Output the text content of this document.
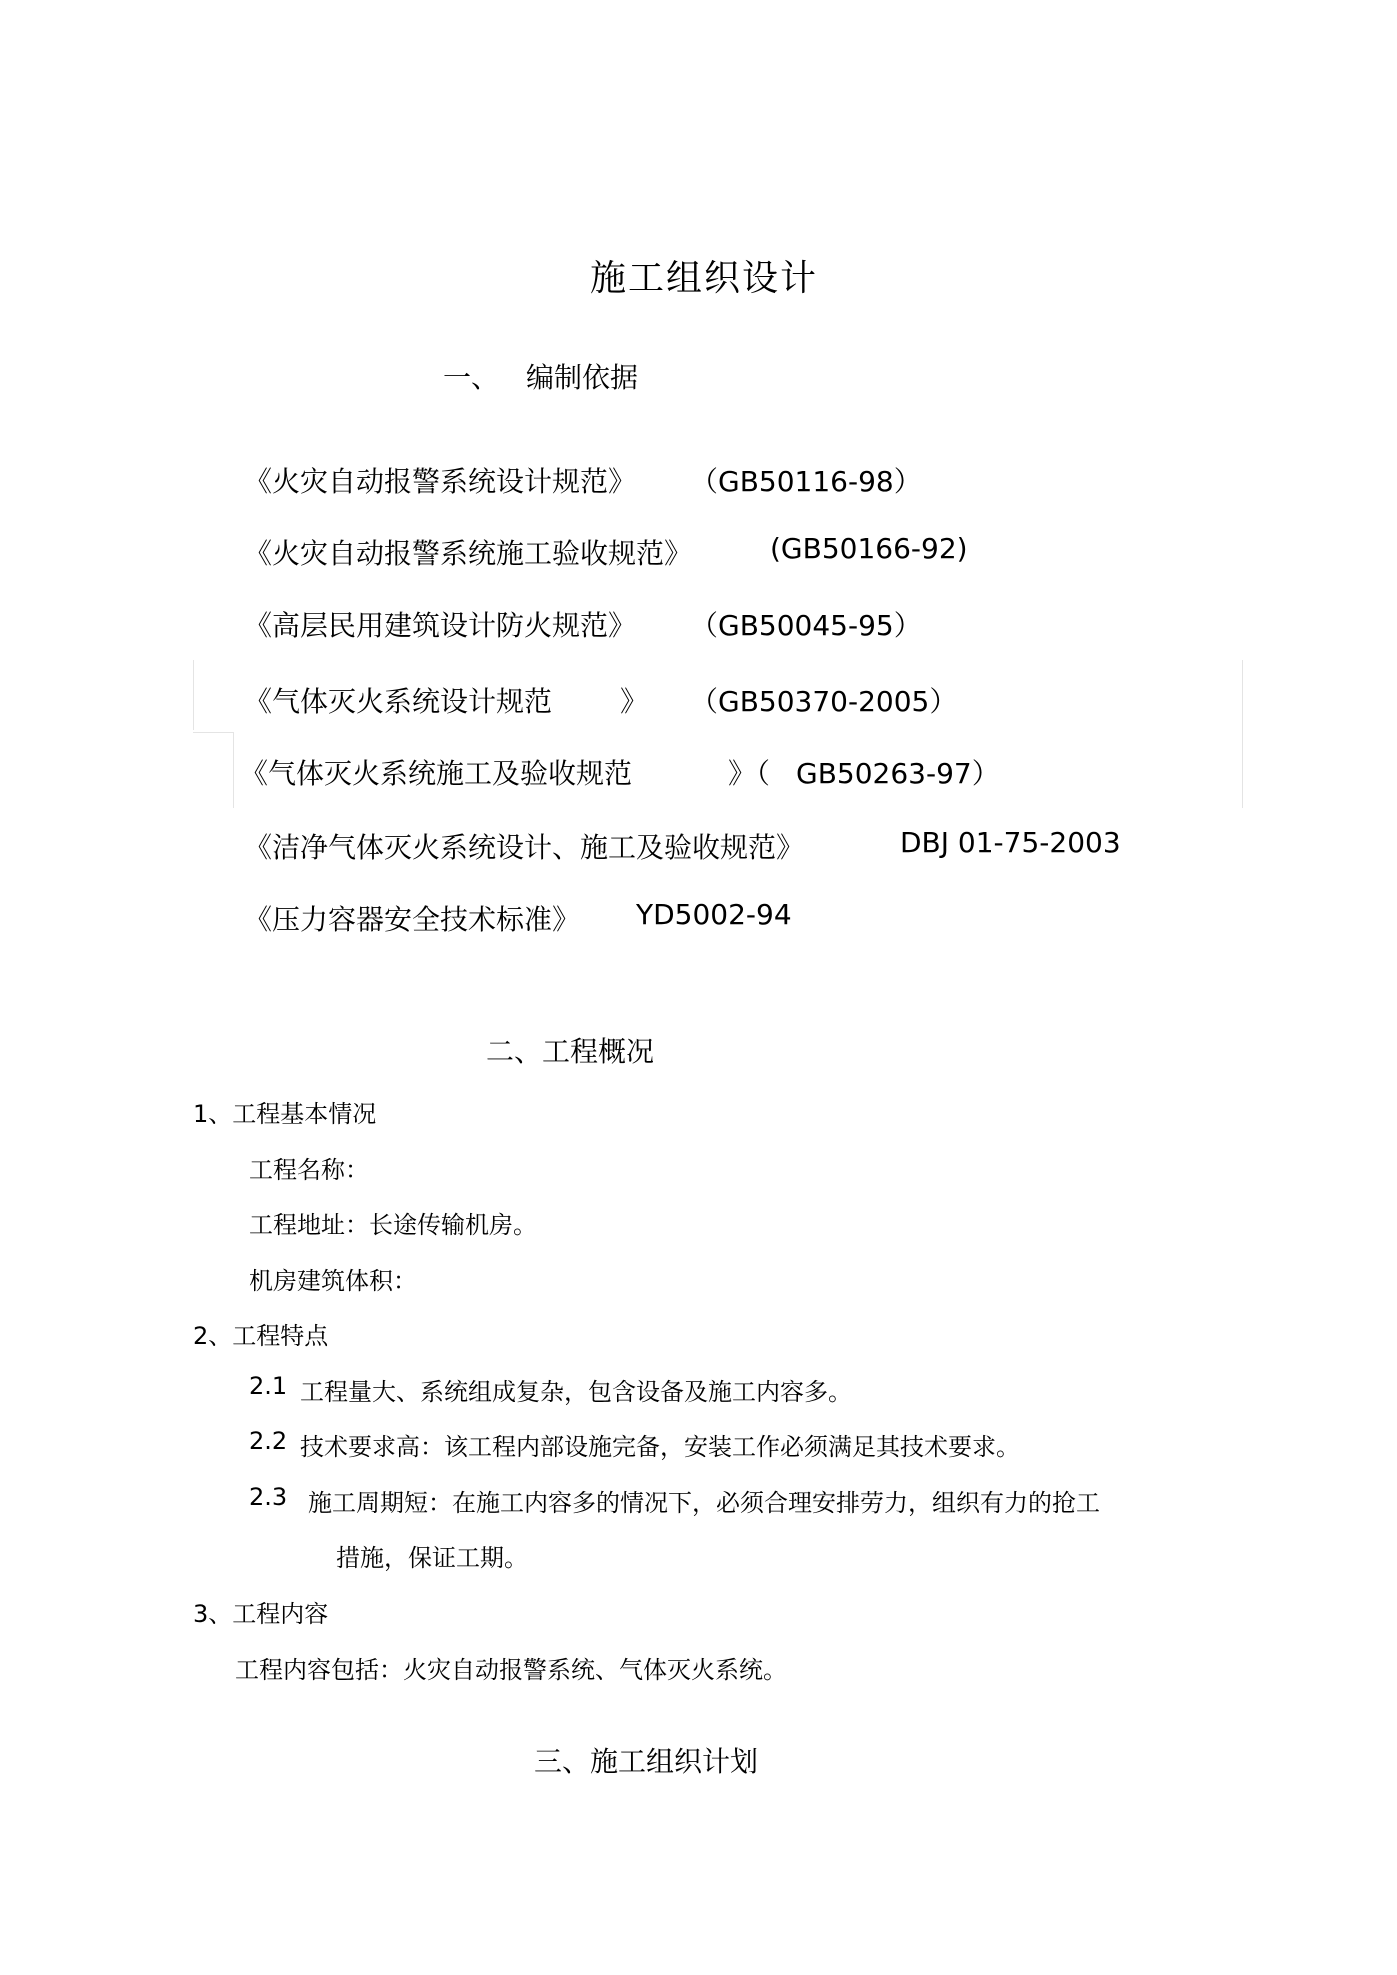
施工组织设计
一、 编制依据
《火灾自动报警系统设计规范》 （GB50116-98）
《火灾自动报警系统施工验收规范》	(GB50166-92)
《高层民用建筑设计防火规范》 （GB50045-95）
《气体灭火系统设计规范 》 （GB50370-2005）
《气体灭火系统施工及验收规范	》（ GB50263-97）
《洁净气体灭火系统设计、施工及验收规范》	DBJ 01-75-2003
《压力容器安全技术标准》 YD5002-94
二、工程概况
1、工程基本情况
工程名称：
工程地址：长途传输机房。
机房建筑体积：
2、工程特点
2.1 工程量大、系统组成复杂，包含设备及施工内容多。
2.2 技术要求高：该工程内部设施完备，安装工作必须满足其技术要求。
2.3 施工周期短：在施工内容多的情况下，必须合理安排劳力，组织有力的抢工
措施，保证工期。
3、工程内容
工程内容包括：火灾自动报警系统、气体灭火系统。
三、施工组织计划
